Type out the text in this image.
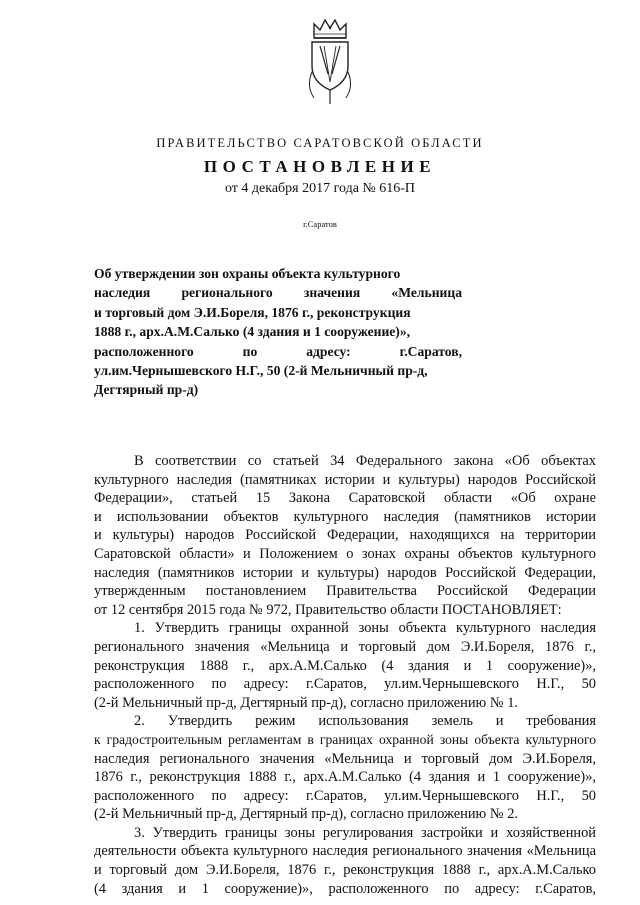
ПРАВИТЕЛЬСТВО САРАТОВСКОЙ ОБЛАСТИ
ПОСТАНОВЛЕНИЕ
от 4 декабря 2017 года № 616-П
г.Саратов
Об утверждении зон охраны объекта культурного
наследия регионального значения «Мельница
и торговый дом Э.И.Бореля, 1876 г., реконструкция
1888 г., арх.А.М.Салько (4 здания и 1 сооружение)»,
расположенного по адресу: г.Саратов,
ул.им.Чернышевского Н.Г., 50 (2-й Мельничный пр-д,
Дегтярный пр-д)
В соответствии со статьей 34 Федерального закона «Об объектах
культурного наследия (памятниках истории и культуры) народов Российской
Федерации», статьей 15 Закона Саратовской области «Об охране
и использовании объектов культурного наследия (памятников истории
и культуры) народов Российской Федерации, находящихся на территории
Саратовской области» и Положением о зонах охраны объектов культурного
наследия (памятников истории и культуры) народов Российской Федерации,
утвержденным постановлением Правительства Российской Федерации
от 12 сентября 2015 года № 972, Правительство области ПОСТАНОВЛЯЕТ:
1. Утвердить границы охранной зоны объекта культурного наследия
регионального значения «Мельница и торговый дом Э.И.Бореля, 1876 г.,
реконструкция 1888 г., арх.А.М.Салько (4 здания и 1 сооружение)»,
расположенного по адресу: г.Саратов, ул.им.Чернышевского Н.Г., 50
(2-й Мельничный пр-д, Дегтярный пр-д), согласно приложению № 1.
2. Утвердить режим использования земель и требования
к градостроительным регламентам в границах охранной зоны объекта культурного
наследия регионального значения «Мельница и торговый дом Э.И.Бореля,
1876 г., реконструкция 1888 г., арх.А.М.Салько (4 здания и 1 сооружение)»,
расположенного по адресу: г.Саратов, ул.им.Чернышевского Н.Г., 50
(2-й Мельничный пр-д, Дегтярный пр-д), согласно приложению № 2.
3. Утвердить границы зоны регулирования застройки и хозяйственной
деятельности объекта культурного наследия регионального значения «Мельница
и торговый дом Э.И.Бореля, 1876 г., реконструкция 1888 г., арх.А.М.Салько
(4 здания и 1 сооружение)», расположенного по адресу: г.Саратов,
